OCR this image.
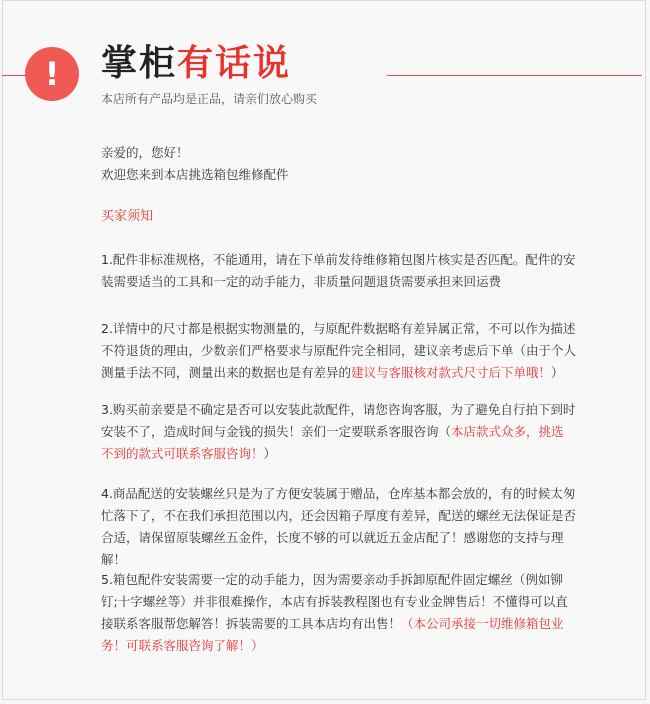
! 掌柜有话说
本店所有产品均是正品，请亲们放心购买

亲爱的，您好！

欢迎您来到本店挑选箱包维修配件

买家须知

1.配件非标准规格，不能通用，请在下单前发待维修箱包图片核实是否匹配。配件的安装需要适当的工具和一定的动手能力，非质量问题退货需要承担来回运费

2.详情中的尺寸都是根据实物测量的，与原配件数据略有差异属正常，不可以作为描述不符退货的理由，少数亲们严格要求与原配件完全相同，建议亲考虑后下单（由于个人测量手法不同，测量出来的数据也是有差异的建议与客服核对款式尺寸后下单哦！）

3.购买前亲要是不确定是否可以安装此款配件，请您咨询客服，为了避免自行拍下到时安装不了，造成时间与金钱的损失！亲们一定要联系客服咨询（本店款式众多，挑选不到的款式可联系客服咨询！）

4.商品配送的安装螺丝只是为了方便安装属于赠品，仓库基本都会放的，有的时候太匆忙落下了，不在我们承担范围以内，还会因箱子厚度有差异，配送的螺丝无法保证是否合适，请保留原装螺丝五金件，长度不够的可以就近五金店配了！感谢您的支持与理解！

5.箱包配件安装需要一定的动手能力，因为需要亲动手拆卸原配件固定螺丝（例如铆钉;十字螺丝等）并非很难操作，本店有拆装教程图也有专业金牌售后！不懂得可以直接联系客服帮您解答！拆装需要的工具本店均有出售！（本公司承接一切维修箱包业务！可联系客服咨询了解！）
